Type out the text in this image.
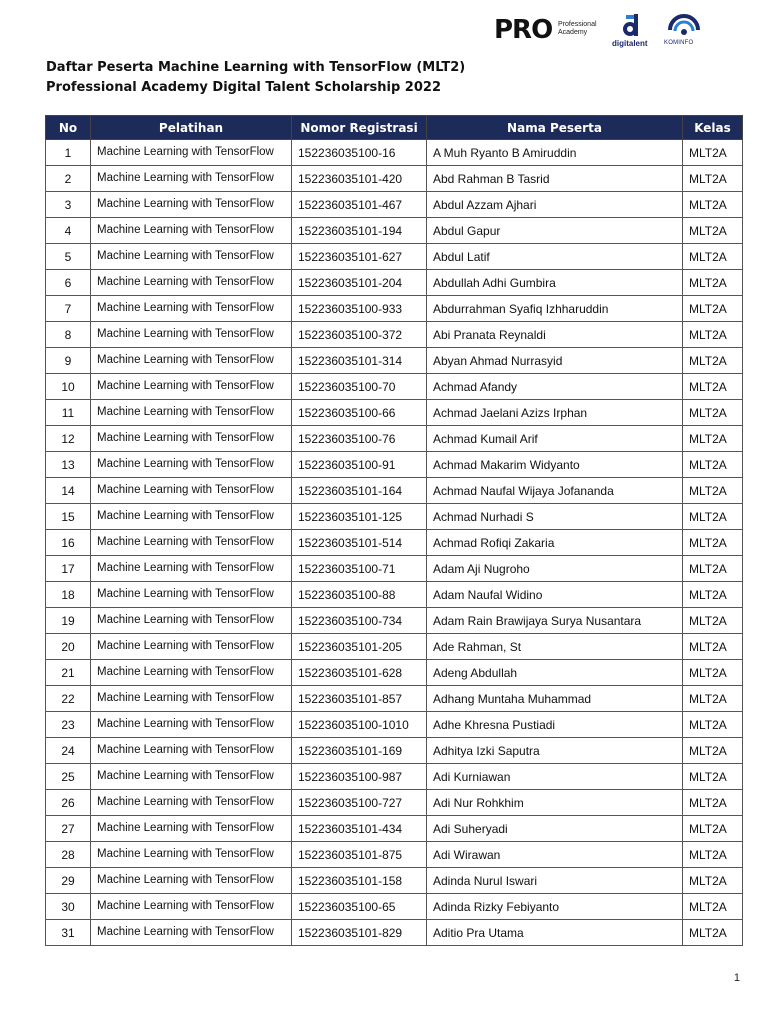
PRO Professional
Academy
digitalent	KOMINFO
Daftar Peserta Machine Learning with TensorFlow (MLT2)
Professional Academy Digital Talent Scholarship 2022
No	Pelatihan	Nomor Registrasi	Nama Peserta	Kelas
1	Machine Learning with TensorFlow	152236035100-16	A Muh Ryanto B Amiruddin	MLT2A
2	Machine Learning with TensorFlow	152236035101-420	Abd Rahman B Tasrid	MLT2A
3	Machine Learning with TensorFlow	152236035101-467	Abdul Azzam Ajhari	MLT2A
4	Machine Learning with TensorFlow	152236035101-194	Abdul Gapur	MLT2A
5	Machine Learning with TensorFlow	152236035101-627	Abdul Latif	MLT2A
6	Machine Learning with TensorFlow	152236035101-204	Abdullah Adhi Gumbira	MLT2A
7	Machine Learning with TensorFlow	152236035100-933	Abdurrahman Syafiq Izhharuddin	MLT2A
8	Machine Learning with TensorFlow	152236035100-372	Abi Pranata Reynaldi	MLT2A
9	Machine Learning with TensorFlow	152236035101-314	Abyan Ahmad Nurrasyid	MLT2A
10	Machine Learning with TensorFlow	152236035100-70	Achmad Afandy	MLT2A
11	Machine Learning with TensorFlow	152236035100-66	Achmad Jaelani Azizs Irphan	MLT2A
12	Machine Learning with TensorFlow	152236035100-76	Achmad Kumail Arif	MLT2A
13	Machine Learning with TensorFlow	152236035100-91	Achmad Makarim Widyanto	MLT2A
14	Machine Learning with TensorFlow	152236035101-164	Achmad Naufal Wijaya Jofananda	MLT2A
15	Machine Learning with TensorFlow	152236035101-125	Achmad Nurhadi S	MLT2A
16	Machine Learning with TensorFlow	152236035101-514	Achmad Rofiqi Zakaria	MLT2A
17	Machine Learning with TensorFlow	152236035100-71	Adam Aji Nugroho	MLT2A
18	Machine Learning with TensorFlow	152236035100-88	Adam Naufal Widino	MLT2A
19	Machine Learning with TensorFlow	152236035100-734	Adam Rain Brawijaya Surya Nusantara	MLT2A
20	Machine Learning with TensorFlow	152236035101-205	Ade Rahman, St	MLT2A
21	Machine Learning with TensorFlow	152236035101-628	Adeng Abdullah	MLT2A
22	Machine Learning with TensorFlow	152236035101-857	Adhang Muntaha Muhammad	MLT2A
23	Machine Learning with TensorFlow	152236035100-1010	Adhe Khresna Pustiadi	MLT2A
24	Machine Learning with TensorFlow	152236035101-169	Adhitya Izki Saputra	MLT2A
25	Machine Learning with TensorFlow	152236035100-987	Adi Kurniawan	MLT2A
26	Machine Learning with TensorFlow	152236035100-727	Adi Nur Rohkhim	MLT2A
27	Machine Learning with TensorFlow	152236035101-434	Adi Suheryadi	MLT2A
28	Machine Learning with TensorFlow	152236035101-875	Adi Wirawan	MLT2A
29	Machine Learning with TensorFlow	152236035101-158	Adinda Nurul Iswari	MLT2A
30	Machine Learning with TensorFlow	152236035100-65	Adinda Rizky Febiyanto	MLT2A
31	Machine Learning with TensorFlow	152236035101-829	Aditio Pra Utama	MLT2A
1
